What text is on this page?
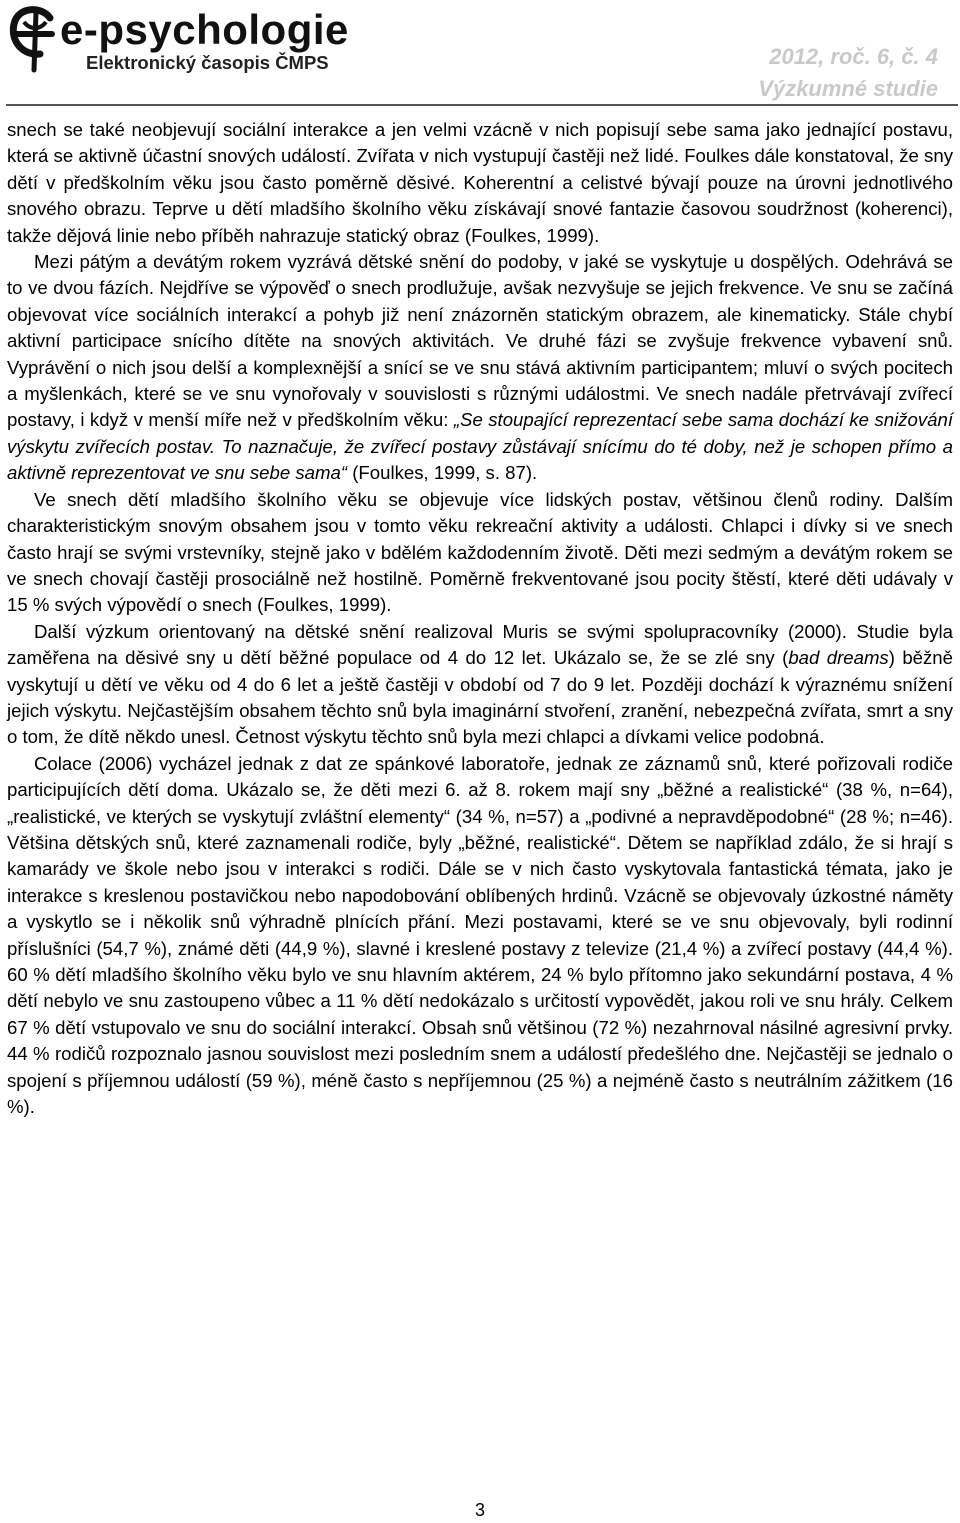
e-psychologie
Elektronický časopis ČMPS	2012, roč. 6, č. 4
Výzkumné studie

snech se také neobjevují sociální interakce a jen velmi vzácně v nich popisují sebe sama jako jednající postavu, která se aktivně účastní snových událostí. Zvířata v nich vystupují častěji než lidé. Foulkes dále konstatoval, že sny dětí v předškolním věku jsou často poměrně děsivé. Koherentní a celistvé bývají pouze na úrovni jednotlivého snového obrazu. Teprve u dětí mladšího školního věku získávají snové fantazie časovou soudržnost (koherenci), takže dějová linie nebo příběh nahrazuje statický obraz (Foulkes, 1999).

Mezi pátým a devátým rokem vyzrává dětské snění do podoby, v jaké se vyskytuje u dospělých. Odehrává se to ve dvou fázích. Nejdříve se výpověď o snech prodlužuje, avšak nezvyšuje se jejich frekvence. Ve snu se začíná objevovat více sociálních interakcí a pohyb již není znázorněn statickým obrazem, ale kinematicky. Stále chybí aktivní participace snícího dítěte na snových aktivitách. Ve druhé fázi se zvyšuje frekvence vybavení snů. Vyprávění o nich jsou delší a komplexnější a snící se ve snu stává aktivním participantem; mluví o svých pocitech a myšlenkách, které se ve snu vynořovaly v souvislosti s různými událostmi. Ve snech nadále přetrvávají zvířecí postavy, i když v menší míře než v předškolním věku: „Se stoupající reprezentací sebe sama dochází ke snižování výskytu zvířecích postav. To naznačuje, že zvířecí postavy zůstávají snícímu do té doby, než je schopen přímo a aktivně reprezentovat ve snu sebe sama“ (Foulkes, 1999, s. 87).

Ve snech dětí mladšího školního věku se objevuje více lidských postav, většinou členů rodiny. Dalším charakteristickým snovým obsahem jsou v tomto věku rekreační aktivity a události. Chlapci i dívky si ve snech často hrají se svými vrstevníky, stejně jako v bdělém každodenním životě. Děti mezi sedmým a devátým rokem se ve snech chovají častěji prosociálně než hostilně. Poměrně frekventované jsou pocity štěstí, které děti udávaly v 15 % svých výpovědí o snech (Foulkes, 1999).

Další výzkum orientovaný na dětské snění realizoval Muris se svými spolupracovníky (2000). Studie byla zaměřena na děsivé sny u dětí běžné populace od 4 do 12 let. Ukázalo se, že se zlé sny (bad dreams) běžně vyskytují u dětí ve věku od 4 do 6 let a ještě častěji v období od 7 do 9 let. Později dochází k výraznému snížení jejich výskytu. Nejčastějším obsahem těchto snů byla imaginární stvoření, zranění, nebezpečná zvířata, smrt a sny o tom, že dítě někdo unesl. Četnost výskytu těchto snů byla mezi chlapci a dívkami velice podobná.

Colace (2006) vycházel jednak z dat ze spánkové laboratoře, jednak ze záznamů snů, které pořizovali rodiče participujících dětí doma. Ukázalo se, že děti mezi 6. až 8. rokem mají sny „běžné a realistické“ (38 %, n=64), „realistické, ve kterých se vyskytují zvláštní elementy“ (34 %, n=57) a „podivné a nepravděpodobné“ (28 %; n=46). Většina dětských snů, které zaznamenali rodiče, byly „běžné, realistické“. Dětem se například zdálo, že si hrají s kamarády ve škole nebo jsou v interakci s rodiči. Dále se v nich často vyskytovala fantastická témata, jako je interakce s kreslenou postavičkou nebo napodobování oblíbených hrdinů. Vzácně se objevovaly úzkostné náměty a vyskytlo se i několik snů výhradně plnících přání. Mezi postavami, které se ve snu objevovaly, byli rodinní příslušníci (54,7 %), známé děti (44,9 %), slavné i kreslené postavy z televize (21,4 %) a zvířecí postavy (44,4 %). 60 % dětí mladšího školního věku bylo ve snu hlavním aktérem, 24 % bylo přítomno jako sekundární postava, 4 % dětí nebylo ve snu zastoupeno vůbec a 11 % dětí nedokázalo s určitostí vypovědět, jakou roli ve snu hrály. Celkem 67 % dětí vstupovalo ve snu do sociální interakcí. Obsah snů většinou (72 %) nezahrnoval násilné agresivní prvky. 44 % rodičů rozpoznalo jasnou souvislost mezi posledním snem a událostí předešlého dne. Nejčastěji se jednalo o spojení s příjemnou událostí (59 %), méně často s nepříjemnou (25 %) a nejméně často s neutrálním zážitkem (16 %).

3
